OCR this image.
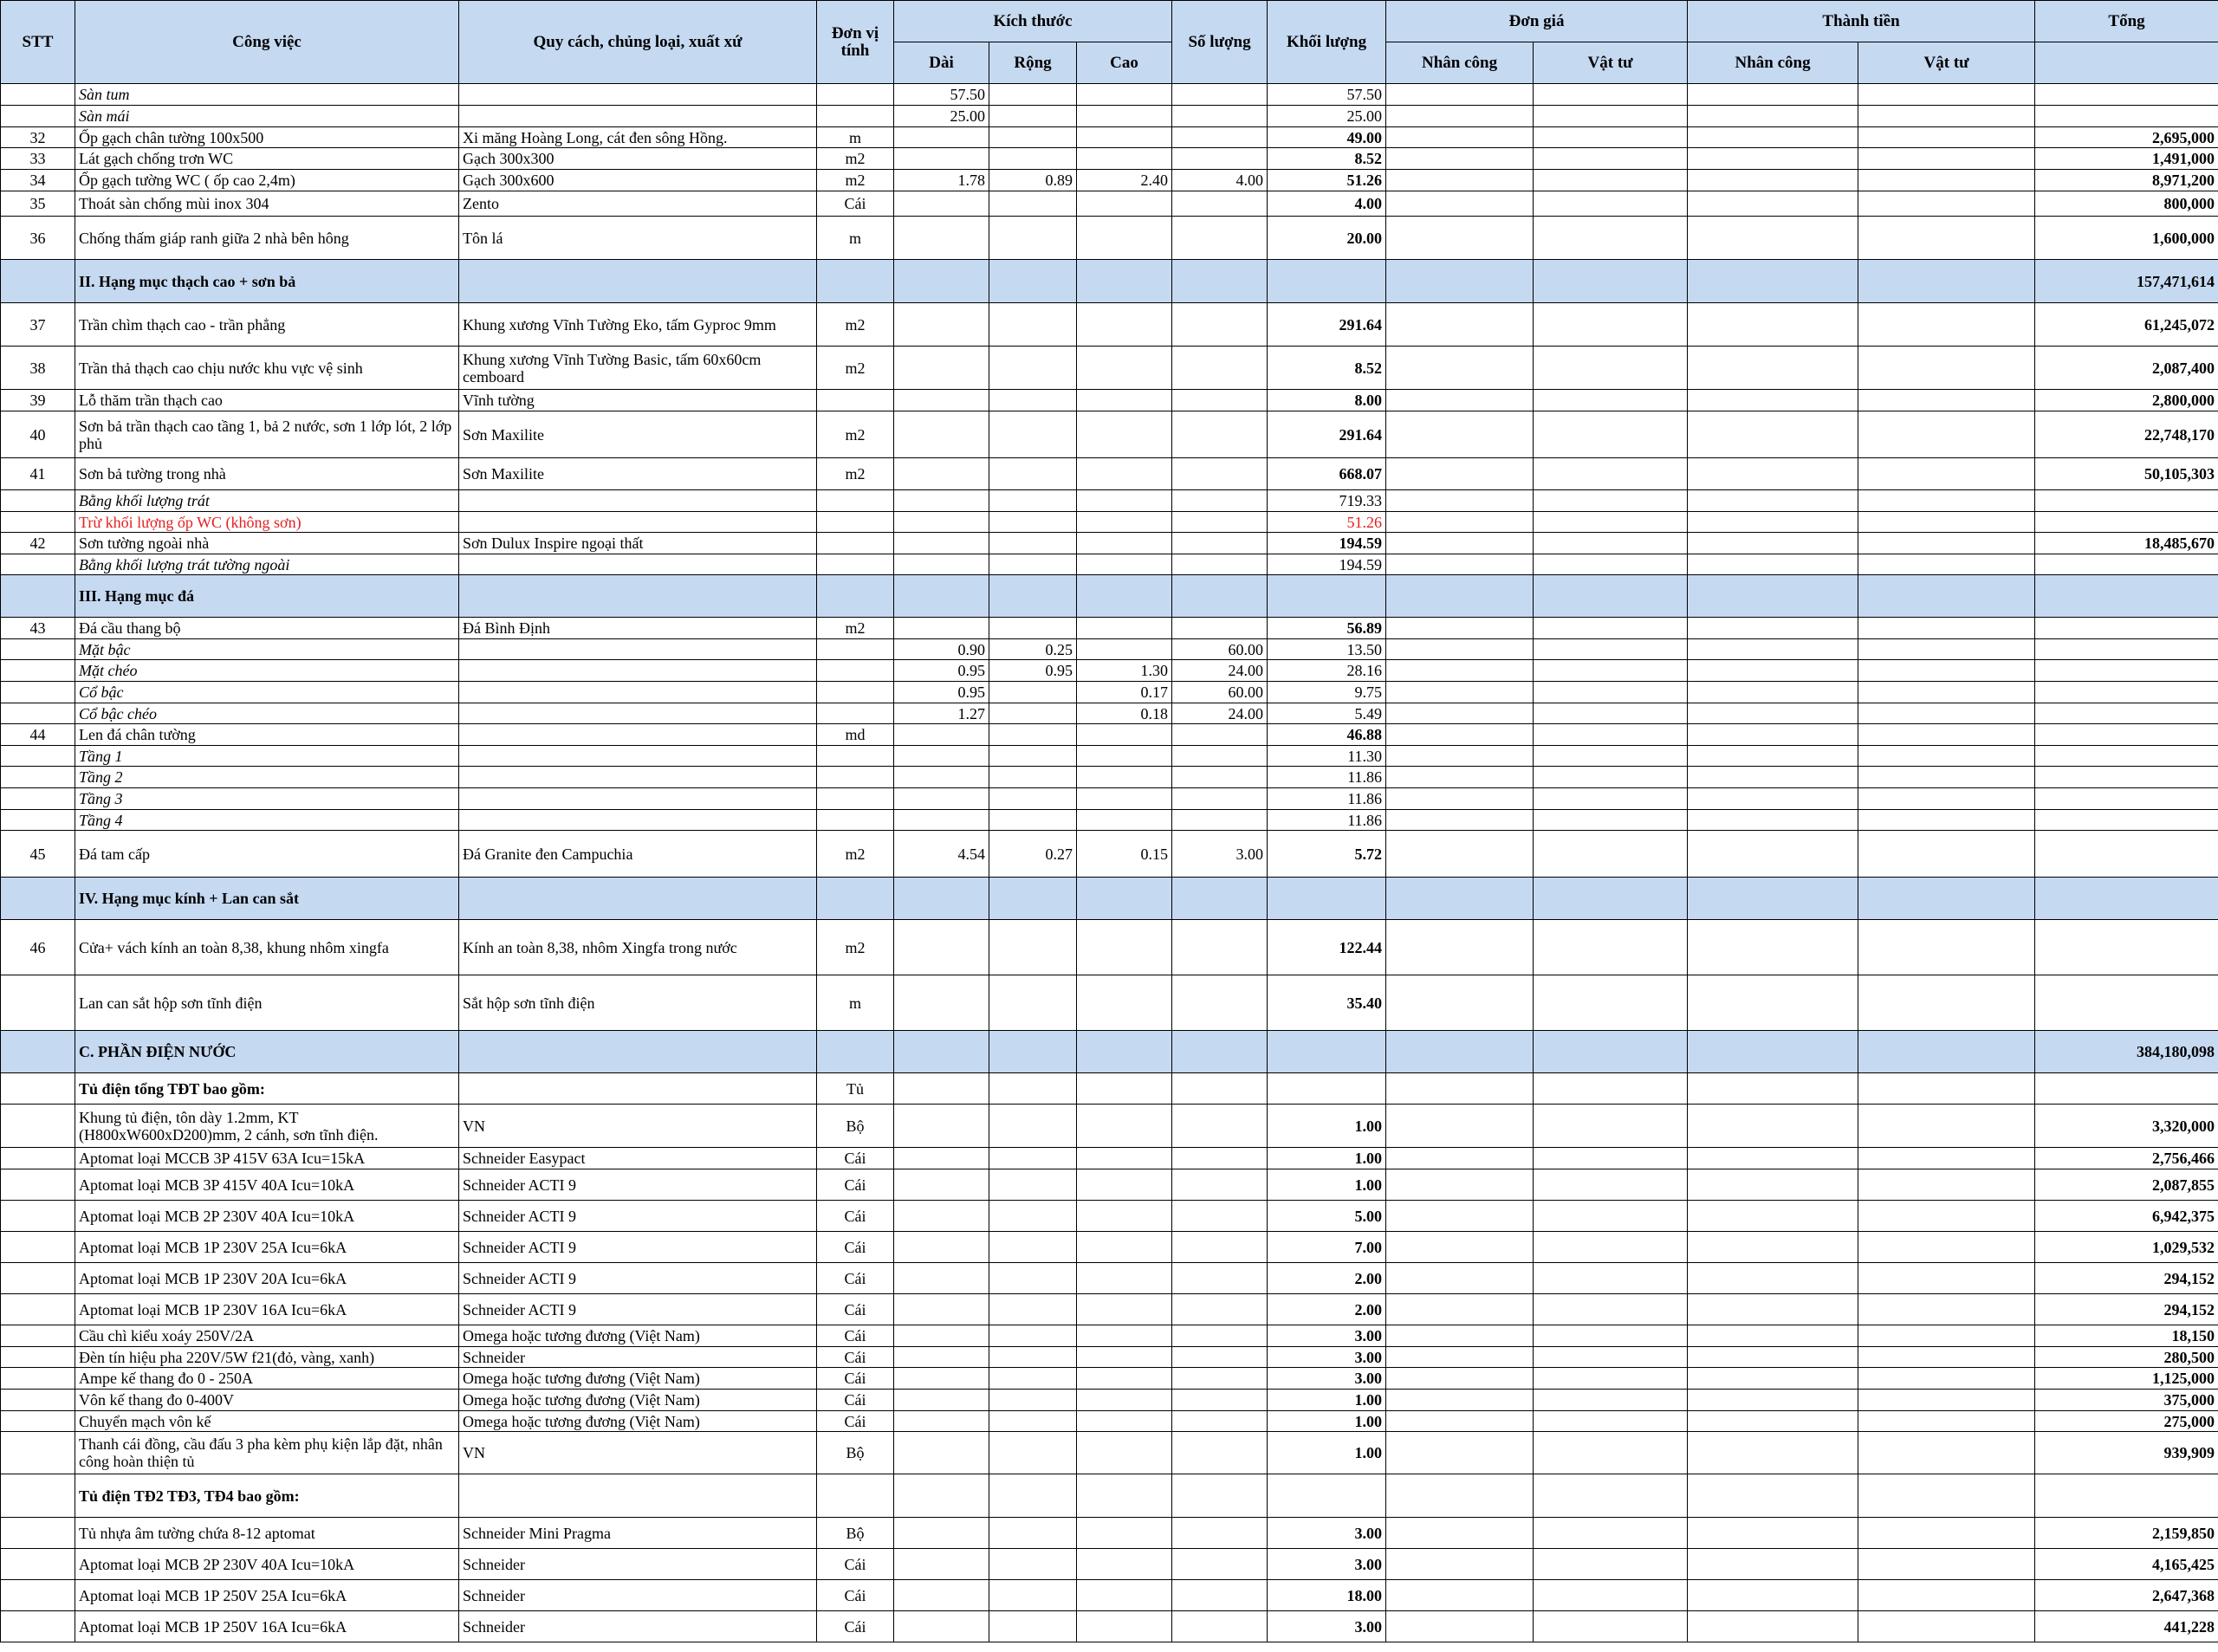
STT	Công việc	Quy cách, chủng loại, xuất xứ	Đơn vị tính	Kích thước			Số lượng	Khối lượng	Đơn giá		Thành tiền		Tổng
				Dài	Rộng	Cao			Nhân công	Vật tư	Nhân công	Vật tư	
	Sàn tum			57.50				57.50					
	Sàn mái			25.00				25.00					
32	Ốp gạch chân tường 100x500	Xi măng Hoàng Long, cát đen sông Hồng.	m					49.00					2,695,000
33	Lát gạch chống trơn WC	Gạch 300x300	m2					8.52					1,491,000
34	Ốp gạch tường WC ( ốp cao 2,4m)	Gạch 300x600	m2	1.78	0.89	2.40	4.00	51.26					8,971,200
35	Thoát sàn chống mùi inox 304	Zento	Cái					4.00					800,000
36	Chống thấm giáp ranh giữa 2 nhà bên hông	Tôn lá	m					20.00					1,600,000
	II. Hạng mục thạch cao + sơn bả												157,471,614
37	Trần chìm thạch cao - trần phẳng	Khung xương Vĩnh Tường Eko, tấm Gyproc 9mm	m2					291.64					61,245,072
38	Trần thả thạch cao chịu nước khu vực vệ sinh	Khung xương Vĩnh Tường Basic, tấm 60x60cm cemboard	m2					8.52					2,087,400
39	Lỗ thăm trần thạch cao	Vĩnh tường						8.00					2,800,000
40	Sơn bả trần thạch cao tầng 1, bả 2 nước, sơn 1 lớp lót, 2 lớp phủ	Sơn Maxilite	m2					291.64					22,748,170
41	Sơn bả tường trong nhà	Sơn Maxilite	m2					668.07					50,105,303
	Bằng khối lượng trát							719.33					
	Trừ khối lượng ốp WC (không sơn)							51.26					
42	Sơn tường ngoài nhà	Sơn Dulux Inspire ngoại thất						194.59					18,485,670
	Bằng khối lượng trát tường ngoài							194.59					
	III. Hạng mục đá												
43	Đá cầu thang bộ	Đá Bình Định	m2					56.89					
	Mặt bậc			0.90	0.25		60.00	13.50					
	Mặt chéo			0.95	0.95	1.30	24.00	28.16					
	Cổ bậc			0.95		0.17	60.00	9.75					
	Cổ bậc chéo			1.27		0.18	24.00	5.49					
44	Len đá chân tường		md					46.88					
	Tầng 1							11.30					
	Tầng 2							11.86					
	Tầng 3							11.86					
	Tầng 4							11.86					
45	Đá tam cấp	Đá Granite đen Campuchia	m2	4.54	0.27	0.15	3.00	5.72					
	IV. Hạng mục kính + Lan can sắt												
46	Cửa+ vách kính an toàn 8,38, khung nhôm xingfa	Kính an toàn 8,38, nhôm Xingfa trong nước	m2					122.44					
	Lan can sắt hộp sơn tĩnh điện	Sắt hộp sơn tĩnh điện	m					35.40					
	C. PHẦN ĐIỆN NƯỚC												384,180,098
	Tủ điện tổng TĐT bao gồm:		Tủ										
	Khung tủ điện, tôn dày 1.2mm, KT (H800xW600xD200)mm, 2 cánh, sơn tĩnh điện.	VN	Bộ					1.00					3,320,000
	Aptomat loại MCCB 3P 415V 63A Icu=15kA	Schneider Easypact	Cái					1.00					2,756,466
	Aptomat loại MCB 3P 415V 40A Icu=10kA	Schneider ACTI 9	Cái					1.00					2,087,855
	Aptomat loại MCB 2P 230V 40A Icu=10kA	Schneider ACTI 9	Cái					5.00					6,942,375
	Aptomat loại MCB 1P 230V 25A Icu=6kA	Schneider ACTI 9	Cái					7.00					1,029,532
	Aptomat loại MCB 1P 230V 20A Icu=6kA	Schneider ACTI 9	Cái					2.00					294,152
	Aptomat loại MCB 1P 230V 16A Icu=6kA	Schneider ACTI 9	Cái					2.00					294,152
	Cầu chì kiểu xoáy 250V/2A	Omega hoặc tương đương (Việt Nam)	Cái					3.00					18,150
	Đèn tín hiệu pha 220V/5W f21(đỏ, vàng, xanh)	Schneider	Cái					3.00					280,500
	Ampe kế thang đo 0 - 250A	Omega hoặc tương đương (Việt Nam)	Cái					3.00					1,125,000
	Vôn kế thang đo 0-400V	Omega hoặc tương đương (Việt Nam)	Cái					1.00					375,000
	Chuyển mạch vôn kế	Omega hoặc tương đương (Việt Nam)	Cái					1.00					275,000
	Thanh cái đồng, cầu đấu 3 pha kèm phụ kiện lắp đặt, nhân công hoàn thiện tủ	VN	Bộ					1.00					939,909
	Tủ điện TĐ2 TĐ3, TĐ4 bao gồm:												
	Tủ nhựa âm tường chứa 8-12 aptomat	Schneider Mini Pragma	Bộ					3.00					2,159,850
	Aptomat loại MCB 2P 230V 40A Icu=10kA	Schneider	Cái					3.00					4,165,425
	Aptomat loại MCB 1P 250V 25A Icu=6kA	Schneider	Cái					18.00					2,647,368
	Aptomat loại MCB 1P 250V 16A Icu=6kA	Schneider	Cái					3.00					441,228
